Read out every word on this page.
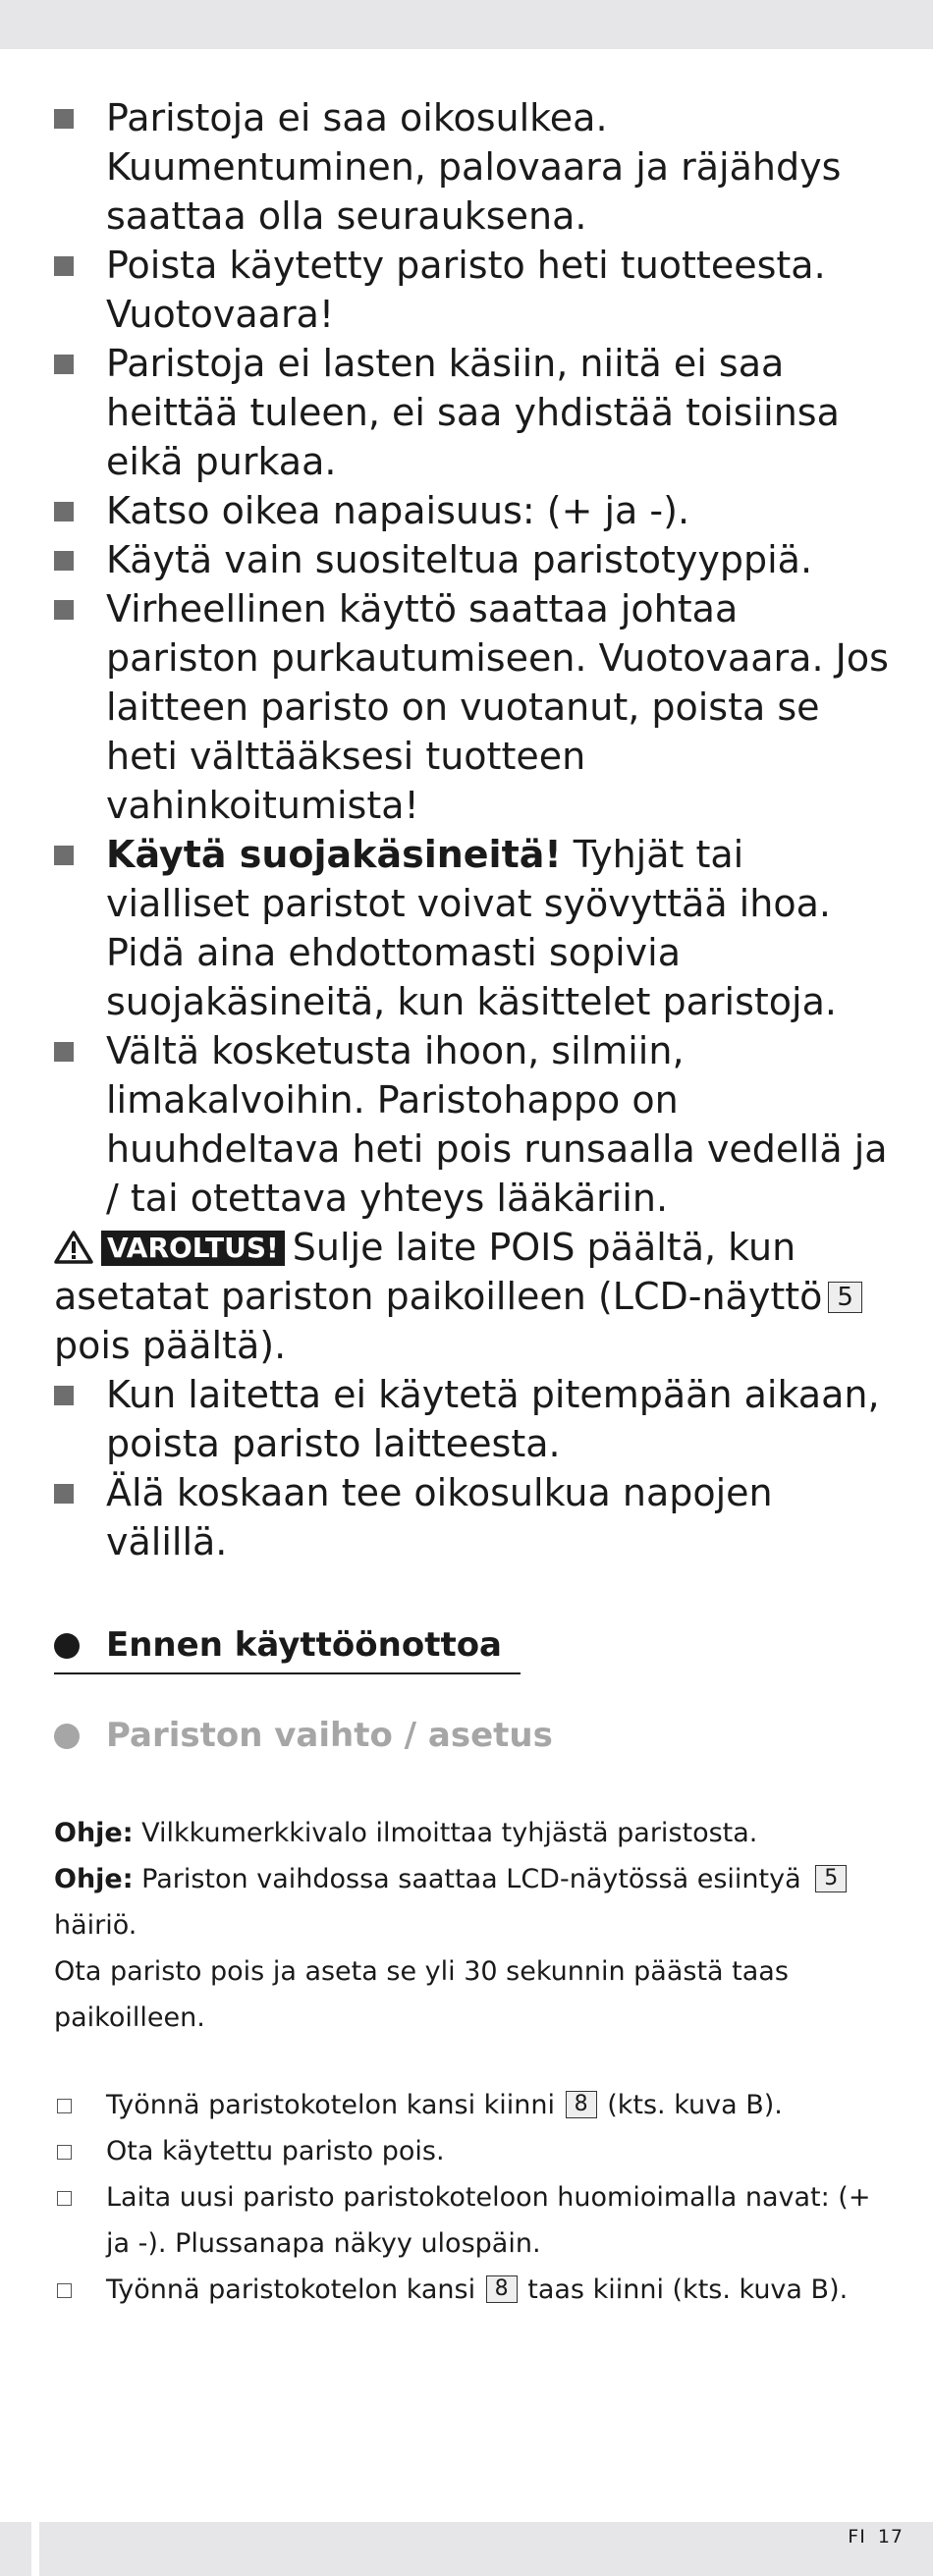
Paristoja ei saa oikosulkea. Kuumentuminen, palovaara ja räjähdys saattaa olla seurauksena.
Poista käytetty paristo heti tuotteesta. Vuotovaara!
Paristoja ei lasten käsiin, niitä ei saa heittää tuleen, ei saa yhdistää toisiinsa eikä purkaa.
Katso oikea napaisuus: (+ ja -).
Käytä vain suositeltua paristotyyppiä.
Virheellinen käyttö saattaa johtaa pariston purkautumiseen. Vuotovaara. Jos laitteen paristo on vuotanut, poista se heti välttääksesi tuotteen vahinkoitumista!
Käytä suojakäsineitä! Tyhjät tai vialliset paristot voivat syövyttää ihoa. Pidä aina ehdottomasti sopivia suojakäsineitä, kun käsittelet paristoja.
Vältä kosketusta ihoon, silmiin, limakalvoihin. Paristohappo on huuhdeltava heti pois runsaalla vedellä ja / tai otettava yhteys lääkäriin.
VAROLTUS! Sulje laite POIS päältä, kun asetatat pariston paikoilleen (LCD-näyttö 5 pois päältä).
Kun laitetta ei käytetä pitempään aikaan, poista paristo laitteesta.
Älä koskaan tee oikosulkua napojen välillä.
Ennen käyttöönottoa
Pariston vaihto / asetus
Ohje: Vilkkumerkkivalo ilmoittaa tyhjästä paristosta.
Ohje: Pariston vaihdossa saattaa LCD-näytössä esiintyä 5
häiriö.
Ota paristo pois ja aseta se yli 30 sekunnin päästä taas paikoilleen.
Työnnä paristokotelon kansi kiinni 8 (kts. kuva B).
Ota käytettu paristo pois.
Laita uusi paristo paristokoteloon huomioimalla navat: (+ ja -). Plussanapa näkyy ulospäin.
Työnnä paristokotelon kansi 8 taas kiinni (kts. kuva B).
FI 17
